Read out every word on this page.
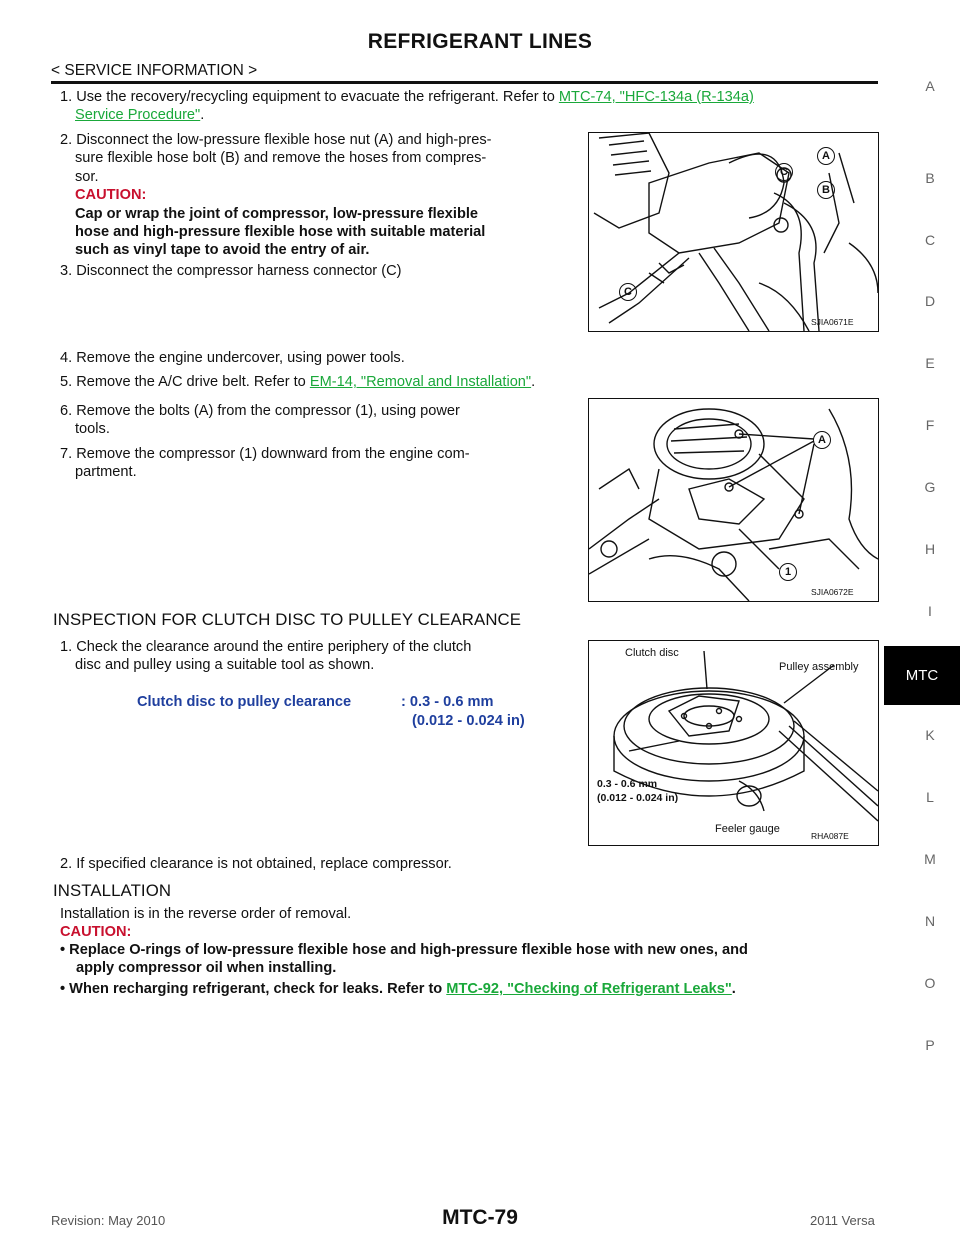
REFRIGERANT LINES
< SERVICE INFORMATION >
1. Use the recovery/recycling equipment to evacuate the refrigerant. Refer to MTC-74, "HFC-134a (R-134a)
Service Procedure".
2. Disconnect the low-pressure flexible hose nut (A) and high-pres-
sure flexible hose bolt (B) and remove the hoses from compres-
sor.
CAUTION:
Cap or wrap the joint of compressor, low-pressure flexible
hose and high-pressure flexible hose with suitable material
such as vinyl tape to avoid the entry of air.
3. Disconnect the compressor harness connector (C)
A
B
C
C
SJIA0671E
4. Remove the engine undercover, using power tools.
5. Remove the A/C drive belt. Refer to EM-14, "Removal and Installation".
6. Remove the bolts (A) from the compressor (1), using power
tools.
7. Remove the compressor (1) downward from the engine com-
partment.
A
1
SJIA0672E
INSPECTION FOR CLUTCH DISC TO PULLEY CLEARANCE
1. Check the clearance around the entire periphery of the clutch
disc and pulley using a suitable tool as shown.
Clutch disc to pulley clearance	: 0.3 - 0.6 mm
(0.012 - 0.024 in)
Clutch disc
Pulley assembly
0.3 - 0.6 mm
(0.012 - 0.024 in)
Feeler gauge
RHA087E
2. If specified clearance is not obtained, replace compressor.
INSTALLATION
Installation is in the reverse order of removal.
CAUTION:
• Replace O-rings of low-pressure flexible hose and high-pressure flexible hose with new ones, and
apply compressor oil when installing.
• When recharging refrigerant, check for leaks. Refer to MTC-92, "Checking of Refrigerant Leaks".
A
B
C
D
E
F
G
H
I
MTC
K
L
M
N
O
P
Revision: May 2010	MTC-79	2011 Versa
